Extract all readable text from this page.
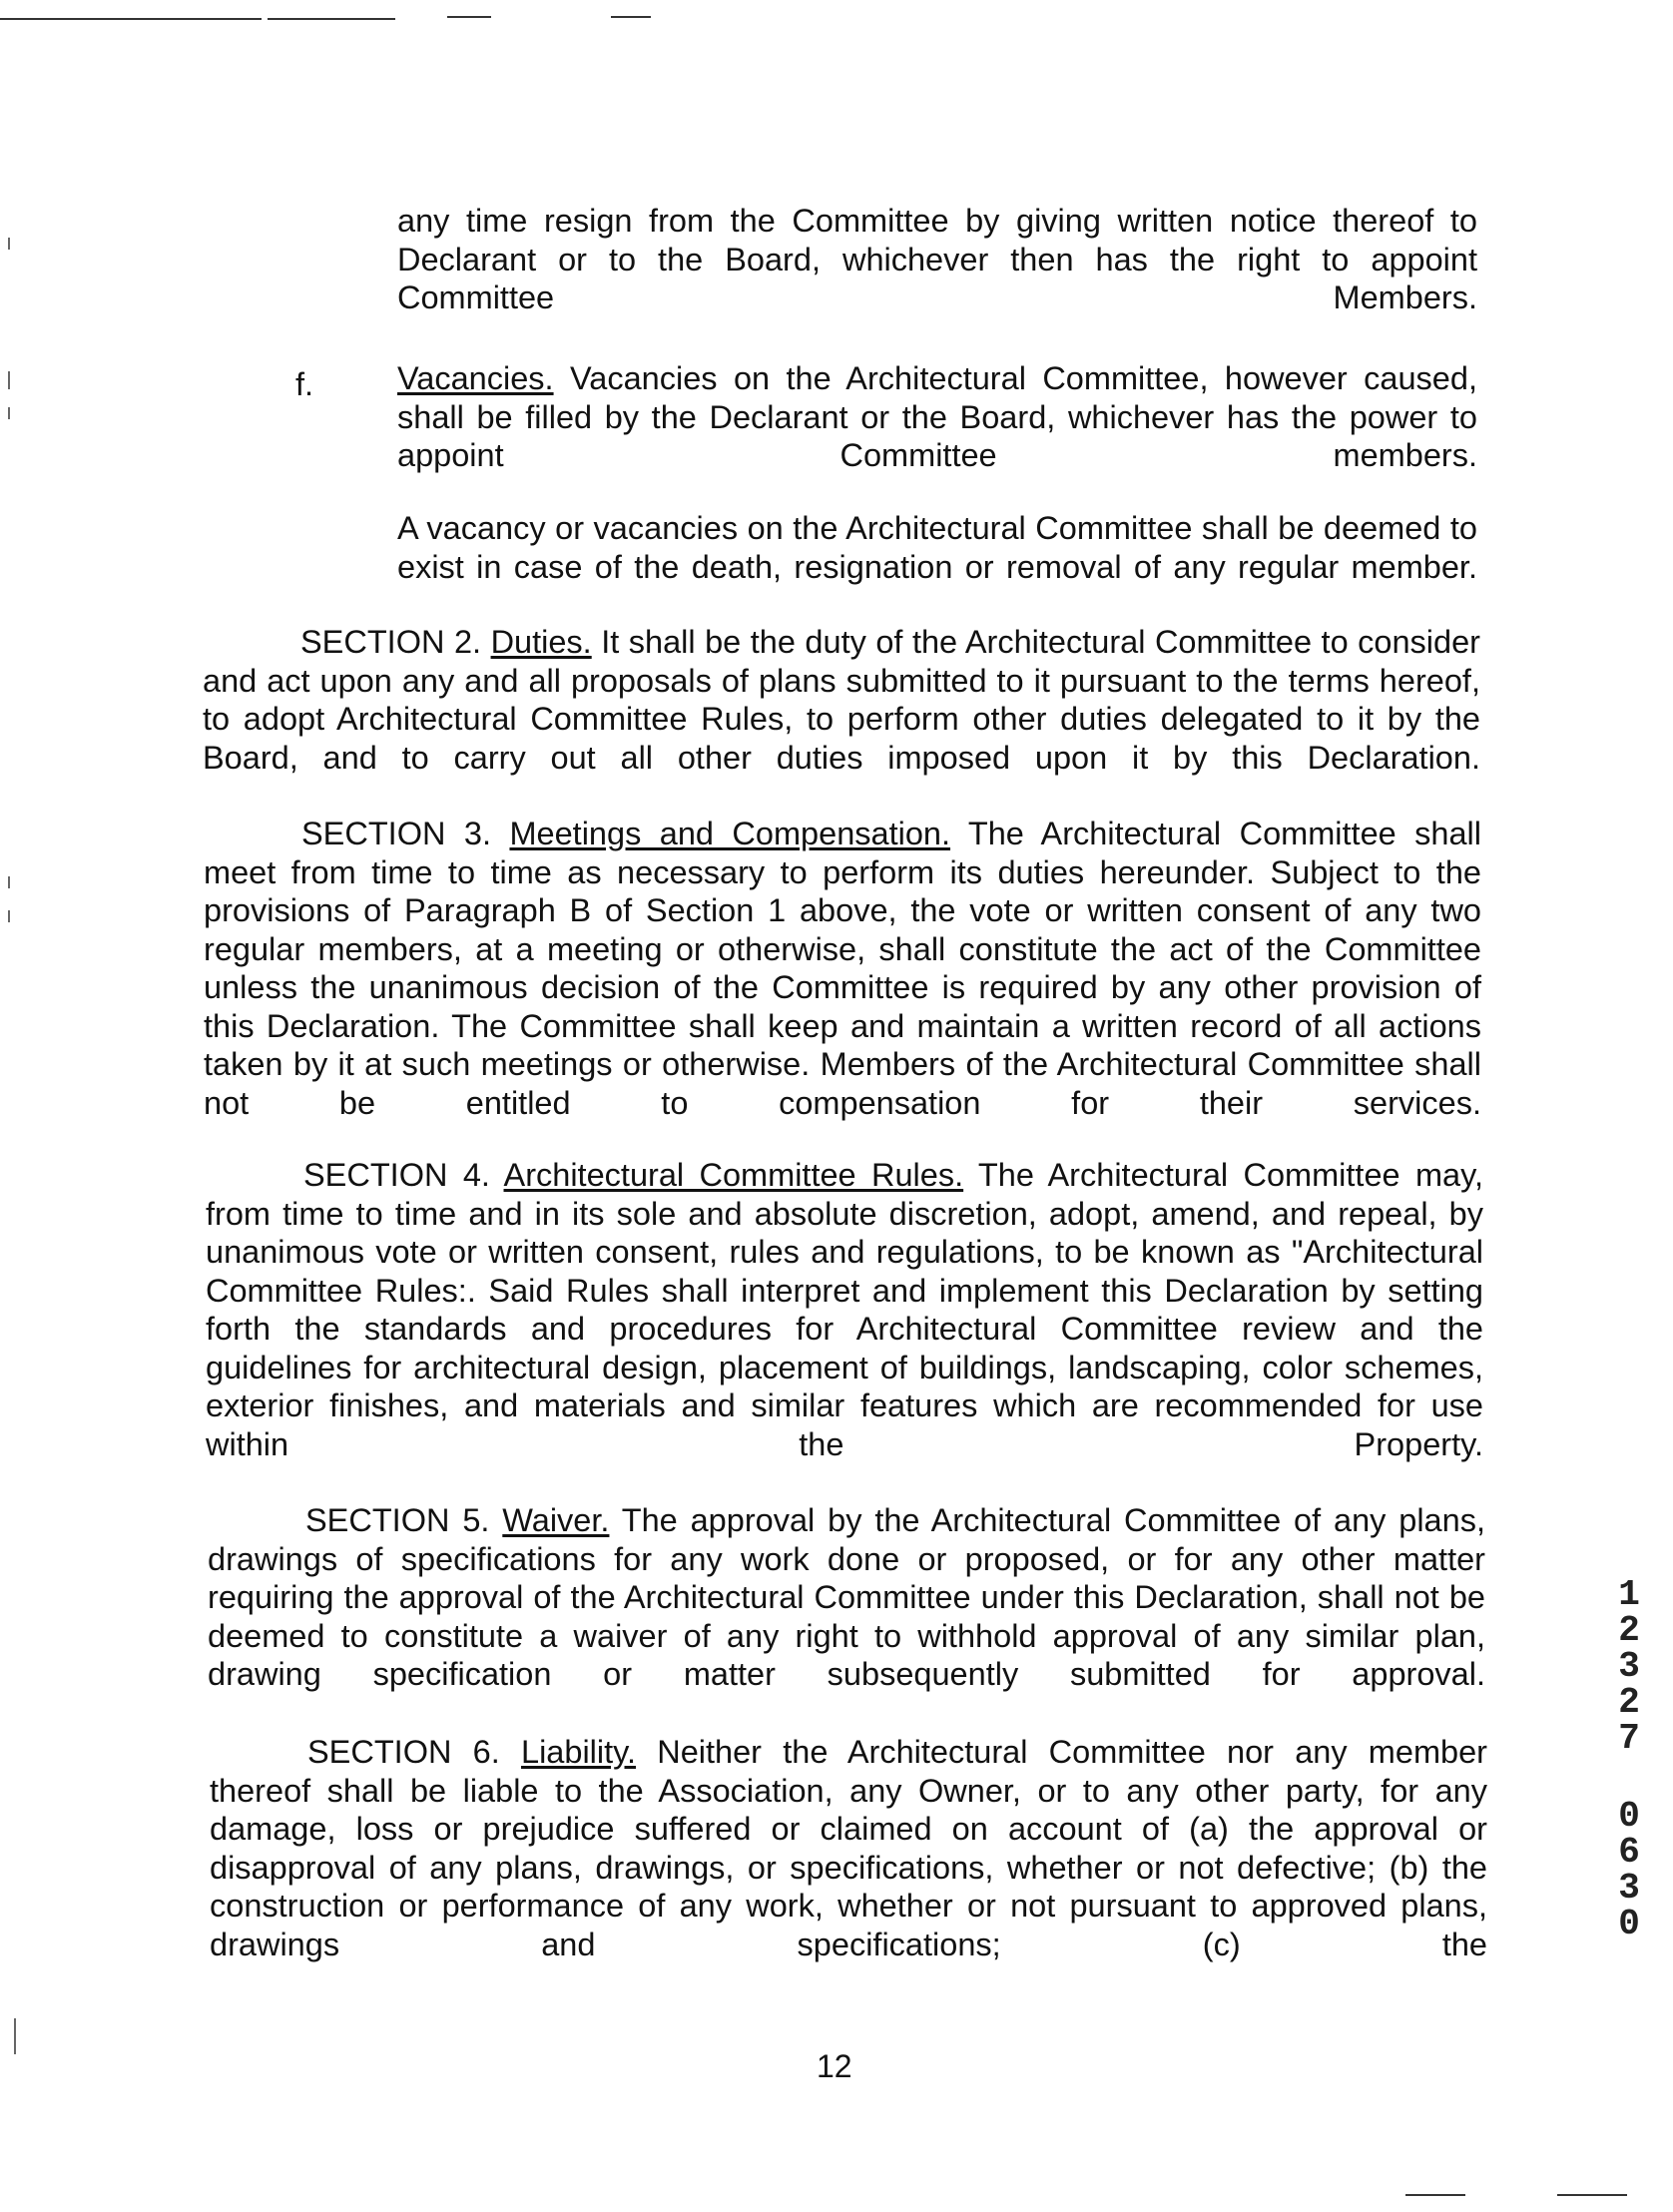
any time resign from the Committee by giving written notice thereof to Declarant or to the Board, whichever then has the right to appoint Committee Members.

f.	Vacancies. Vacancies on the Architectural Committee, however caused, shall be filled by the Declarant or the Board, whichever has the power to appoint Committee members.

A vacancy or vacancies on the Architectural Committee shall be deemed to exist in case of the death, resignation or removal of any regular member.

SECTION 2. Duties. It shall be the duty of the Architectural Committee to consider and act upon any and all proposals of plans submitted to it pursuant to the terms hereof, to adopt Architectural Committee Rules, to perform other duties delegated to it by the Board, and to carry out all other duties imposed upon it by this Declaration.

SECTION 3. Meetings and Compensation. The Architectural Committee shall meet from time to time as necessary to perform its duties hereunder. Subject to the provisions of Paragraph B of Section 1 above, the vote or written consent of any two regular members, at a meeting or otherwise, shall constitute the act of the Committee unless the unanimous decision of the Committee is required by any other provision of this Declaration. The Committee shall keep and maintain a written record of all actions taken by it at such meetings or otherwise. Members of the Architectural Committee shall not be entitled to compensation for their services.

SECTION 4. Architectural Committee Rules. The Architectural Committee may, from time to time and in its sole and absolute discretion, adopt, amend, and repeal, by unanimous vote or written consent, rules and regulations, to be known as "Architectural Committee Rules:. Said Rules shall interpret and implement this Declaration by setting forth the standards and procedures for Architectural Committee review and the guidelines for architectural design, placement of buildings, landscaping, color schemes, exterior finishes, and materials and similar features which are recommended for use within the Property.

SECTION 5. Waiver. The approval by the Architectural Committee of any plans, drawings of specifications for any work done or proposed, or for any other matter requiring the approval of the Architectural Committee under this Declaration, shall not be deemed to constitute a waiver of any right to withhold approval of any similar plan, drawing specification or matter subsequently submitted for approval.

SECTION 6. Liability. Neither the Architectural Committee nor any member thereof shall be liable to the Association, any Owner, or to any other party, for any damage, loss or prejudice suffered or claimed on account of (a) the approval or disapproval of any plans, drawings, or specifications, whether or not defective; (b) the construction or performance of any work, whether or not pursuant to approved plans, drawings and specifications; (c) the

12
1
2
3
2
7
0
6
3
0
